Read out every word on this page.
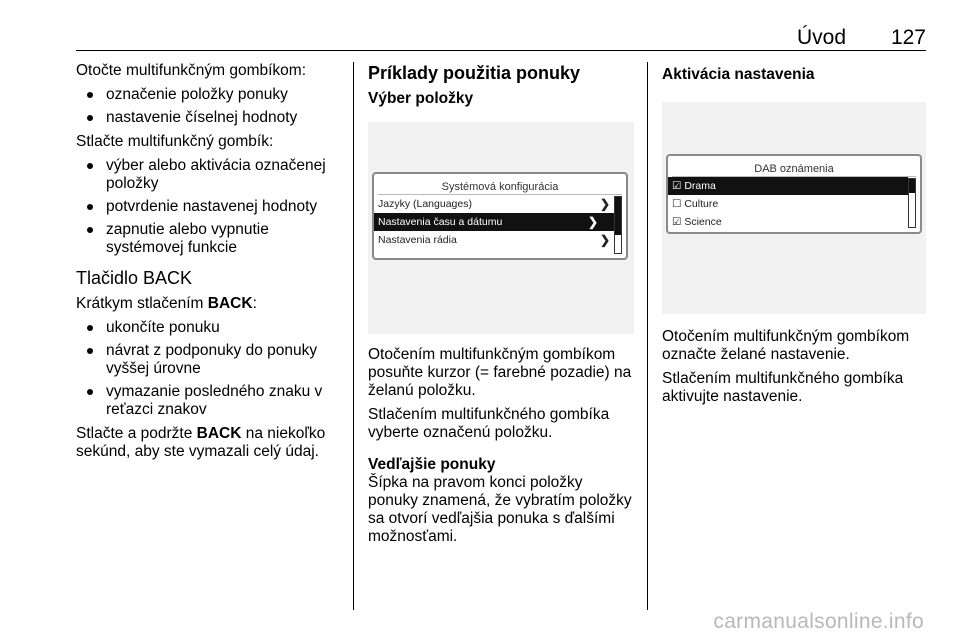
Úvod 127

Otočte multifunkčným gombíkom:

označenie položky ponuky
nastavenie číselnej hodnoty

Stlačte multifunkčný gombík:

výber alebo aktivácia označenej položky
potvrdenie nastavenej hodnoty
zapnutie alebo vypnutie systémovej funkcie
Tlačidlo BACK

Krátkym stlačením BACK:

ukončíte ponuku
návrat z podponuky do ponuky vyššej úrovne
vymazanie posledného znaku v reťazci znakov

Stlačte a podržte BACK na niekoľko sekúnd, aby ste vymazali celý údaj.

Príklady použitia ponuky

Výber položky

Systémová konfigurácia
Jazyky (Languages)	❯
Nastavenia času a dátumu	❯
Nastavenia rádia	❯

Otočením multifunkčným gombíkom posuňte kurzor (= farebné pozadie) na želanú položku.

Stlačením multifunkčného gombíka vyberte označenú položku.

Vedľajšie ponuky

Šípka na pravom konci položky ponuky znamená, že vybratím položky sa otvorí vedľajšia ponuka s ďalšími možnosťami.

Aktivácia nastavenia
DAB oznámenia
☑ Drama
☐ Culture
☑ Science

Otočením multifunkčným gombíkom označte želané nastavenie.

Stlačením multifunkčného gombíka aktivujte nastavenie.

carmanualsonline.info
